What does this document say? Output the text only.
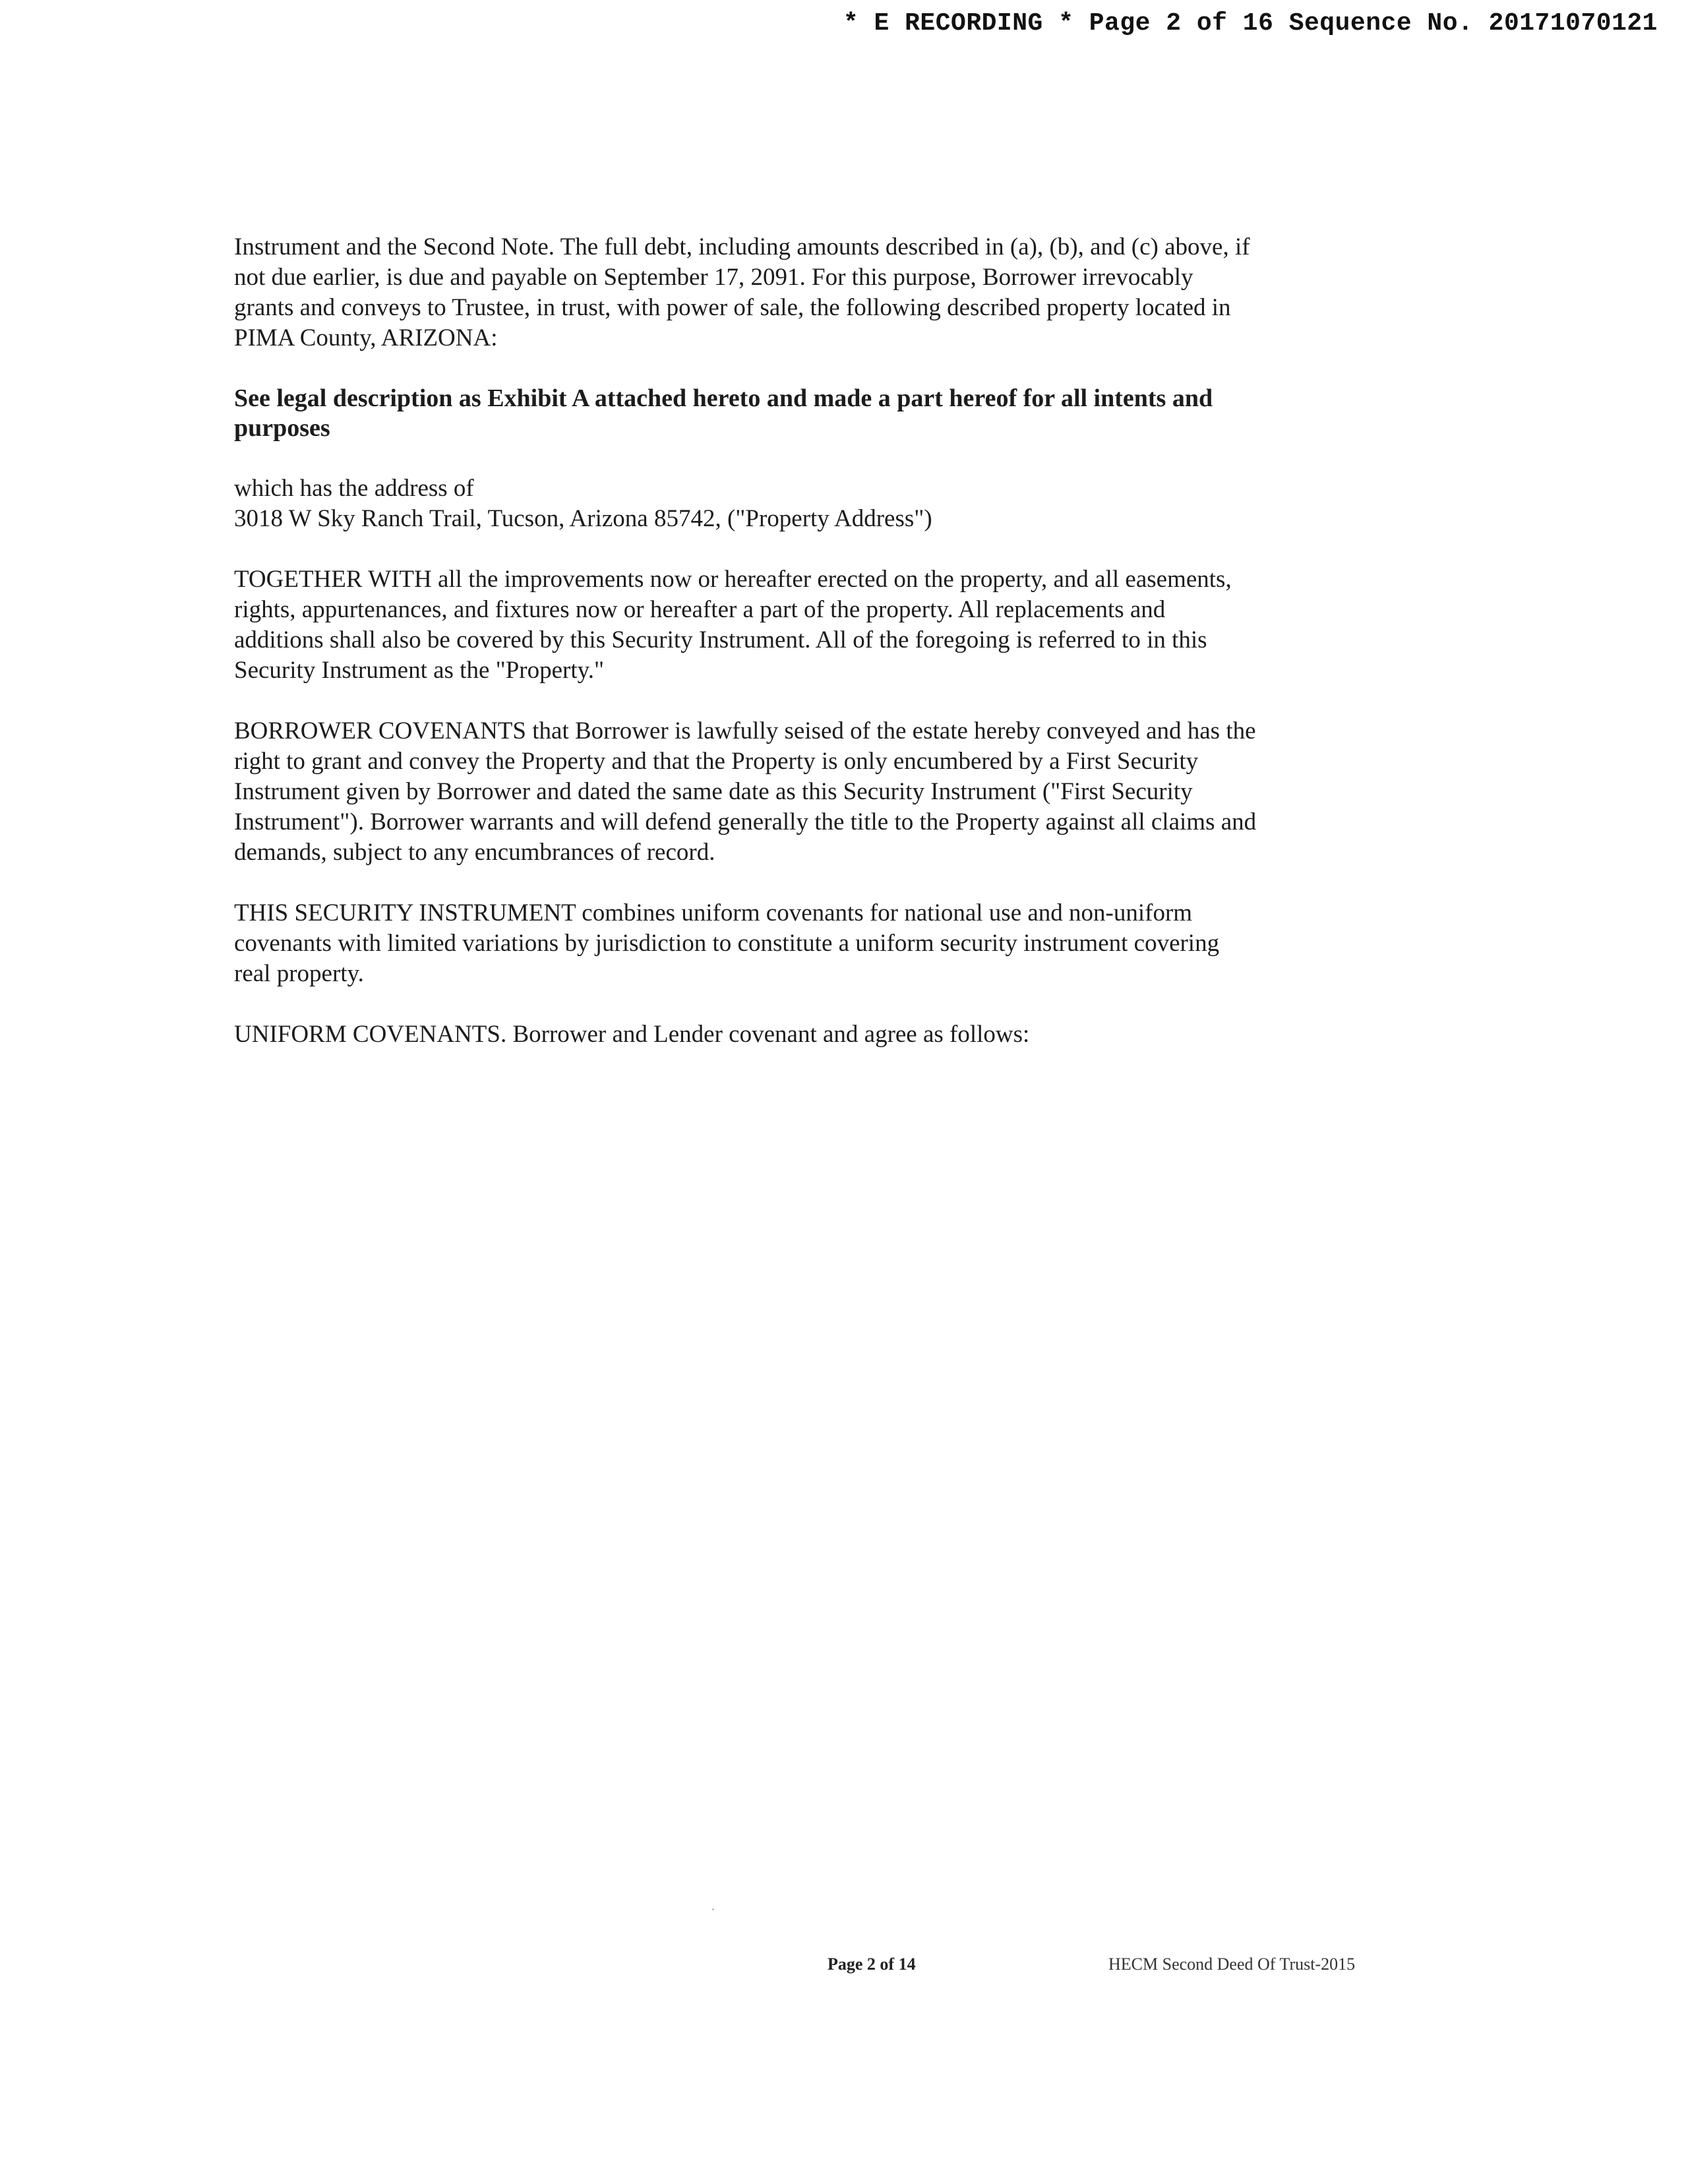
* E RECORDING * Page 2 of 16 Sequence No. 20171070121
Instrument and the Second Note. The full debt, including amounts described in (a), (b), and (c) above, if
not due earlier, is due and payable on September 17, 2091. For this purpose, Borrower irrevocably
grants and conveys to Trustee, in trust, with power of sale, the following described property located in
PIMA County, ARIZONA:
See legal description as Exhibit A attached hereto and made a part hereof for all intents and
purposes
which has the address of
3018 W Sky Ranch Trail, Tucson, Arizona 85742, ("Property Address")
TOGETHER WITH all the improvements now or hereafter erected on the property, and all easements,
rights, appurtenances, and fixtures now or hereafter a part of the property. All replacements and
additions shall also be covered by this Security Instrument. All of the foregoing is referred to in this
Security Instrument as the "Property."
BORROWER COVENANTS that Borrower is lawfully seised of the estate hereby conveyed and has the
right to grant and convey the Property and that the Property is only encumbered by a First Security
Instrument given by Borrower and dated the same date as this Security Instrument ("First Security
Instrument"). Borrower warrants and will defend generally the title to the Property against all claims and
demands, subject to any encumbrances of record.
THIS SECURITY INSTRUMENT combines uniform covenants for national use and non-uniform
covenants with limited variations by jurisdiction to constitute a uniform security instrument covering
real property.
UNIFORM COVENANTS. Borrower and Lender covenant and agree as follows:
Page 2 of 14	HECM Second Deed Of Trust-2015
